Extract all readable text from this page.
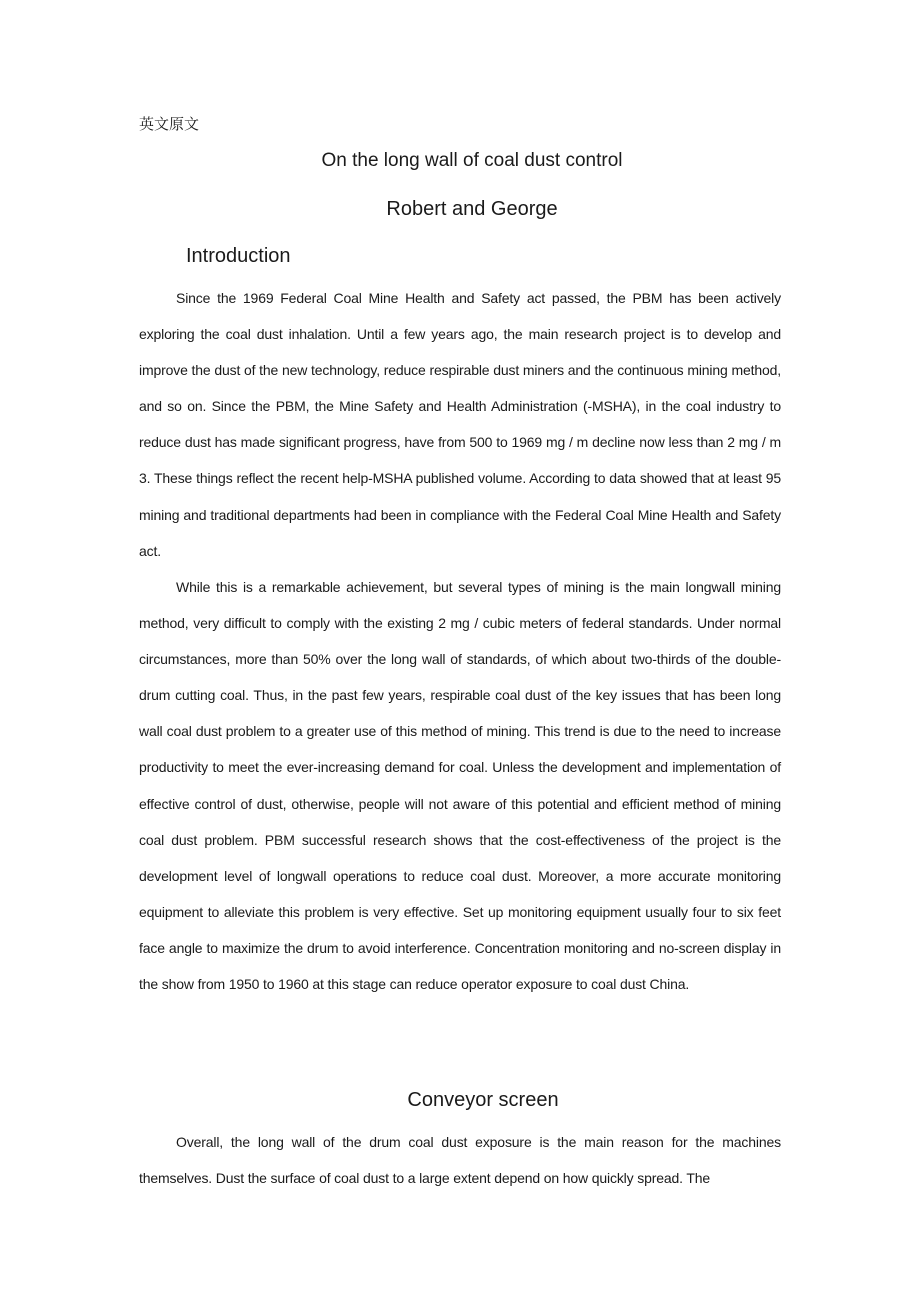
英文原文
On the long wall of coal dust control
Robert and George
Introduction

Since the 1969 Federal Coal Mine Health and Safety act passed, the PBM has been actively exploring the coal dust inhalation. Until a few years ago, the main research project is to develop and improve the dust of the new technology, reduce respirable dust miners and the continuous mining method, and so on. Since the PBM, the Mine Safety and Health Administration (-MSHA), in the coal industry to reduce dust has made significant progress, have from 500 to 1969 mg / m decline now less than 2 mg / m 3. These things reflect the recent help-MSHA published volume. According to data showed that at least 95 mining and traditional departments had been in compliance with the Federal Coal Mine Health and Safety act.

While this is a remarkable achievement, but several types of mining is the main longwall mining method, very difficult to comply with the existing 2 mg / cubic meters of federal standards. Under normal circumstances, more than 50% over the long wall of standards, of which about two-thirds of the double-drum cutting coal. Thus, in the past few years, respirable coal dust of the key issues that has been long wall coal dust problem to a greater use of this method of mining. This trend is due to the need to increase productivity to meet the ever-increasing demand for coal. Unless the development and implementation of effective control of dust, otherwise, people will not aware of this potential and efficient method of mining coal dust problem. PBM successful research shows that the cost-effectiveness of the project is the development level of longwall operations to reduce coal dust. Moreover, a more accurate monitoring equipment to alleviate this problem is very effective. Set up monitoring equipment usually four to six feet face angle to maximize the drum to avoid interference. Concentration monitoring and no-screen display in the show from 1950 to 1960 at this stage can reduce operator exposure to coal dust China.

Conveyor screen

Overall, the long wall of the drum coal dust exposure is the main reason for the machines themselves. Dust the surface of coal dust to a large extent depend on how quickly spread. The
